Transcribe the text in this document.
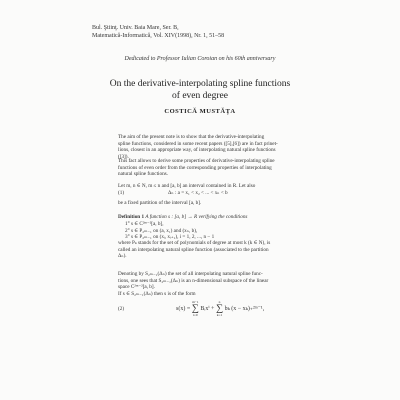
Bul. Ştiinţ. Univ. Baia Mare, Ser. B,
Matematică-Informatică, Vol. XIV(1998), Nr. 1, 51–58
Dedicated to Professor Iulian Coroian on his 60th anniversary
On the derivative-interpolating spline functions
of even degree
COSTICĂ MUSTĂŢA
The aim of the present note is to show that the derivative-interpolating
spline functions, considered in some recent papers ([5],[6]) are in fact prinet-
lions, closest in an appropriate way, of interpolating natural spline functions
([3]).
This fact allows to derive some properties of derivative-interpolating spline
functions of even order from the corresponding properties of interpolating
natural spline functions.
Let m, n ∈ N, m ≤ n and [a, b] an interval contained in R. Let also
(1)	Δₙ : a = x₁ < x₂ < ... < xₙ < b
be a fixed partition of the interval [a, b].
Definition 1 A function s : [a, b] → R verifying the conditions
1° s ∈ C²ᵐ⁻²[a, b],
2° s ∈ P₂ₘ₋₁ on (a, x₁) and (xₙ, b),
3° s ∈ P₂ₘ₋₁ on (xᵢ, xᵢ₊₁), i = 1, 2, ..., n − 1
where Pₖ stands for the set of polynomials of degree at most k (k ∈ N), is
called an interpolating natural spline function (associated to the partition
Δₙ).
Denoting by S₂ₘ₋₁(Δₙ) the set of all interpolating natural spline func-
tions, one sees that S₂ₘ₋₁(Δₙ) is an n-dimensional subspace of the linear
space C²ᵐ⁻²[a, b].
If s ∈ S₂ₘ₋₁(Δₙ) then s is of the form
(2)	s(x) =
m−1
∑
i=0
Bᵢxⁱ +
n
∑
k=1
bₖ (x − xₖ)₊²ᵐ⁻¹,
